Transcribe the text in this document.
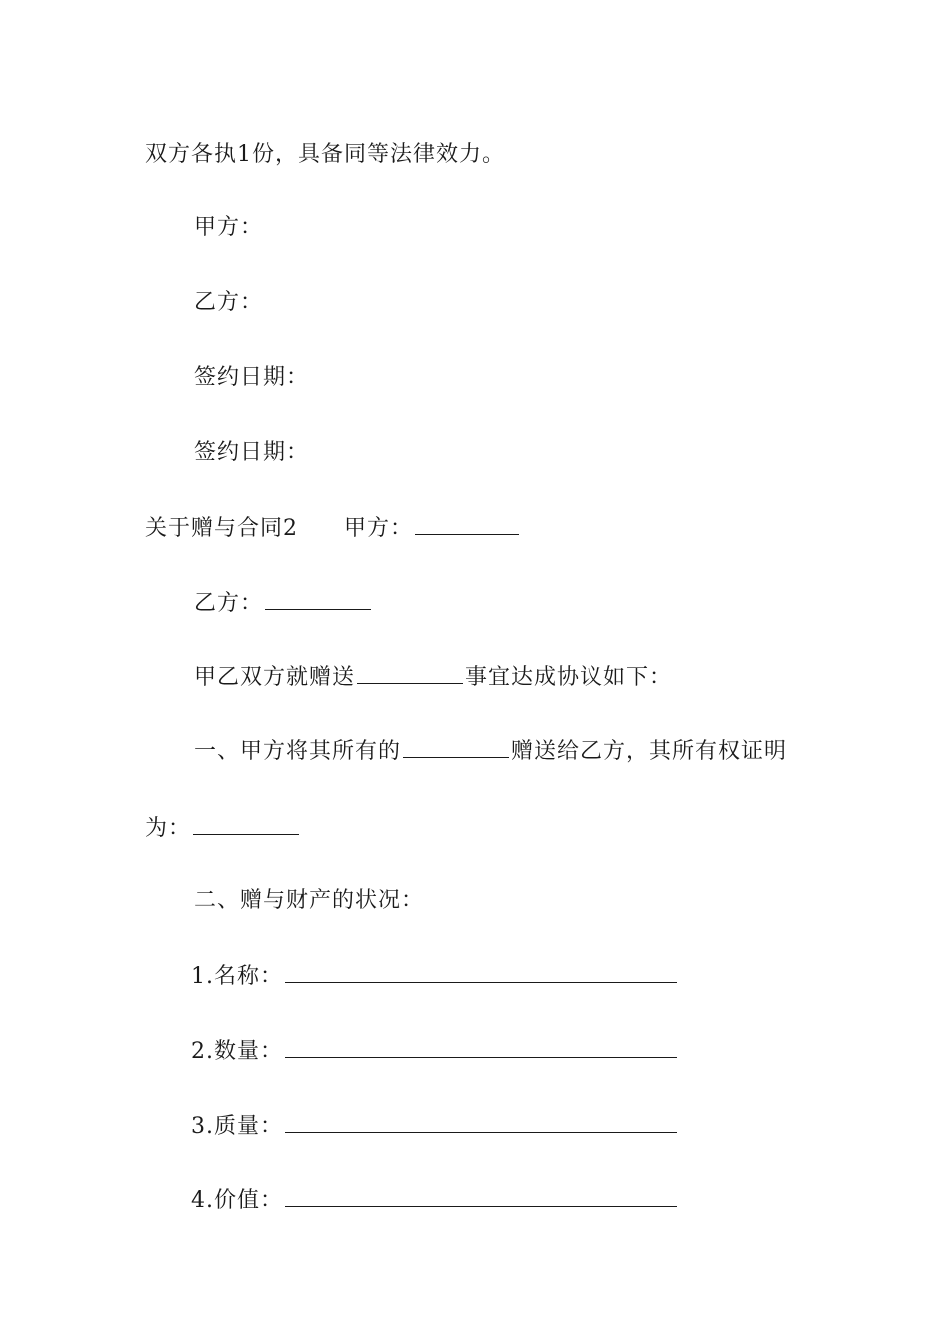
双方各执1份，具备同等法律效力。
甲方：
乙方：
签约日期：
签约日期：
关于赠与合同2 甲方：
乙方：
甲乙双方就赠送	事宜达成协议如下：
一、甲方将其所有的	赠送给乙方，其所有权证明
为：
二、赠与财产的状况：
1.名称：
2.数量：
3.质量：
4.价值：
